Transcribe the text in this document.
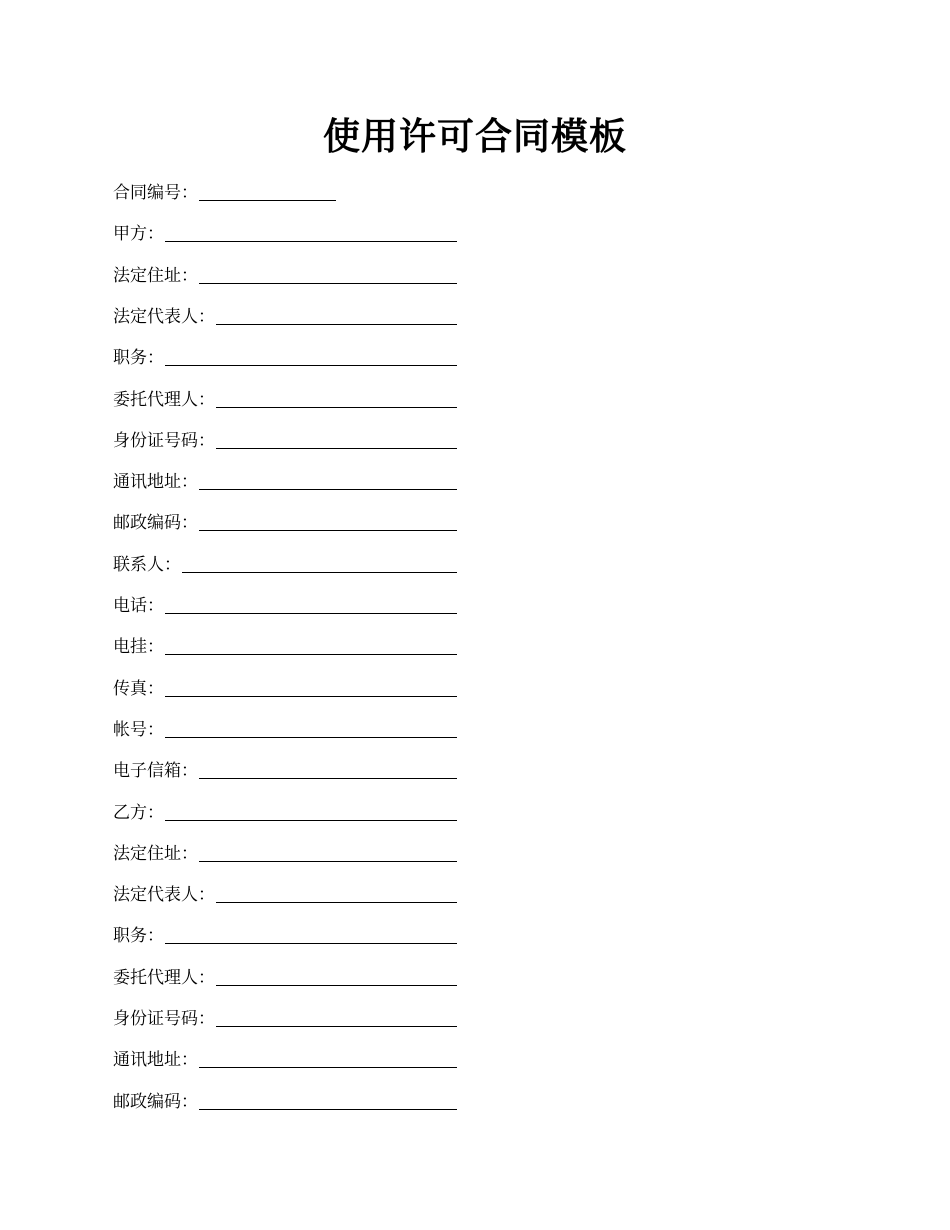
使用许可合同模板
合同编号：
甲方：
法定住址：
法定代表人：
职务：
委托代理人：
身份证号码：
通讯地址：
邮政编码：
联系人：
电话：
电挂：
传真：
帐号：
电子信箱：
乙方：
法定住址：
法定代表人：
职务：
委托代理人：
身份证号码：
通讯地址：
邮政编码：
